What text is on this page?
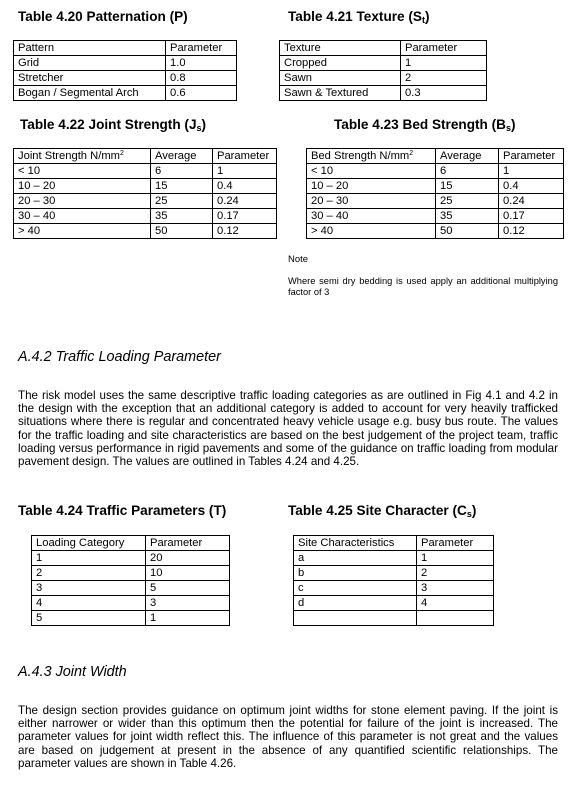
Table 4.20 Patternation (P)
Pattern	Parameter
Grid	1.0
Stretcher	0.8
Bogan / Segmental Arch	0.6
Table 4.21 Texture $(S_t)$
Texture	Parameter
Cropped	1
Sawn	2
Sawn & Textured	0.3
Table 4.22 Joint Strength $(J_s)$
Joint Strength $N/mm^2$	Average	Parameter
< 10	6	1
10 – 20	15	0.4
20 – 30	25	0.24
30 – 40	35	0.17
> 40	50	0.12
Table 4.23 Bed Strength $(B_s)$
Bed Strength $N/mm^2$	Average	Parameter
< 10	6	1
10 – 20	15	0.4
20 – 30	25	0.24
30 – 40	35	0.17
> 40	50	0.12
Note
Where semi dry bedding is used apply an additional multiplying factor of 3
A.4.2 Traffic Loading Parameter
The risk model uses the same descriptive traffic loading categories as are outlined in Fig 4.1 and 4.2 in the design with the exception that an additional category is added to account for very heavily trafficked situations where there is regular and concentrated heavy vehicle usage e.g. busy bus route. The values for the traffic loading and site characteristics are based on the best judgement of the project team, traffic loading versus performance in rigid pavements and some of the guidance on traffic loading from modular pavement design. The values are outlined in Tables 4.24 and 4.25.
Table 4.24 Traffic Parameters (T)
Loading Category	Parameter
1	20
2	10
3	5
4	3
5	1
Table 4.25 Site Character $(C_s)$
Site Characteristics	Parameter
a	1
b	2
c	3
d	4

A.4.3 Joint Width
The design section provides guidance on optimum joint widths for stone element paving. If the joint is either narrower or wider than this optimum then the potential for failure of the joint is increased. The parameter values for joint width reflect this. The influence of this parameter is not great and the values are based on judgement at present in the absence of any quantified scientific relationships. The parameter values are shown in Table 4.26.
